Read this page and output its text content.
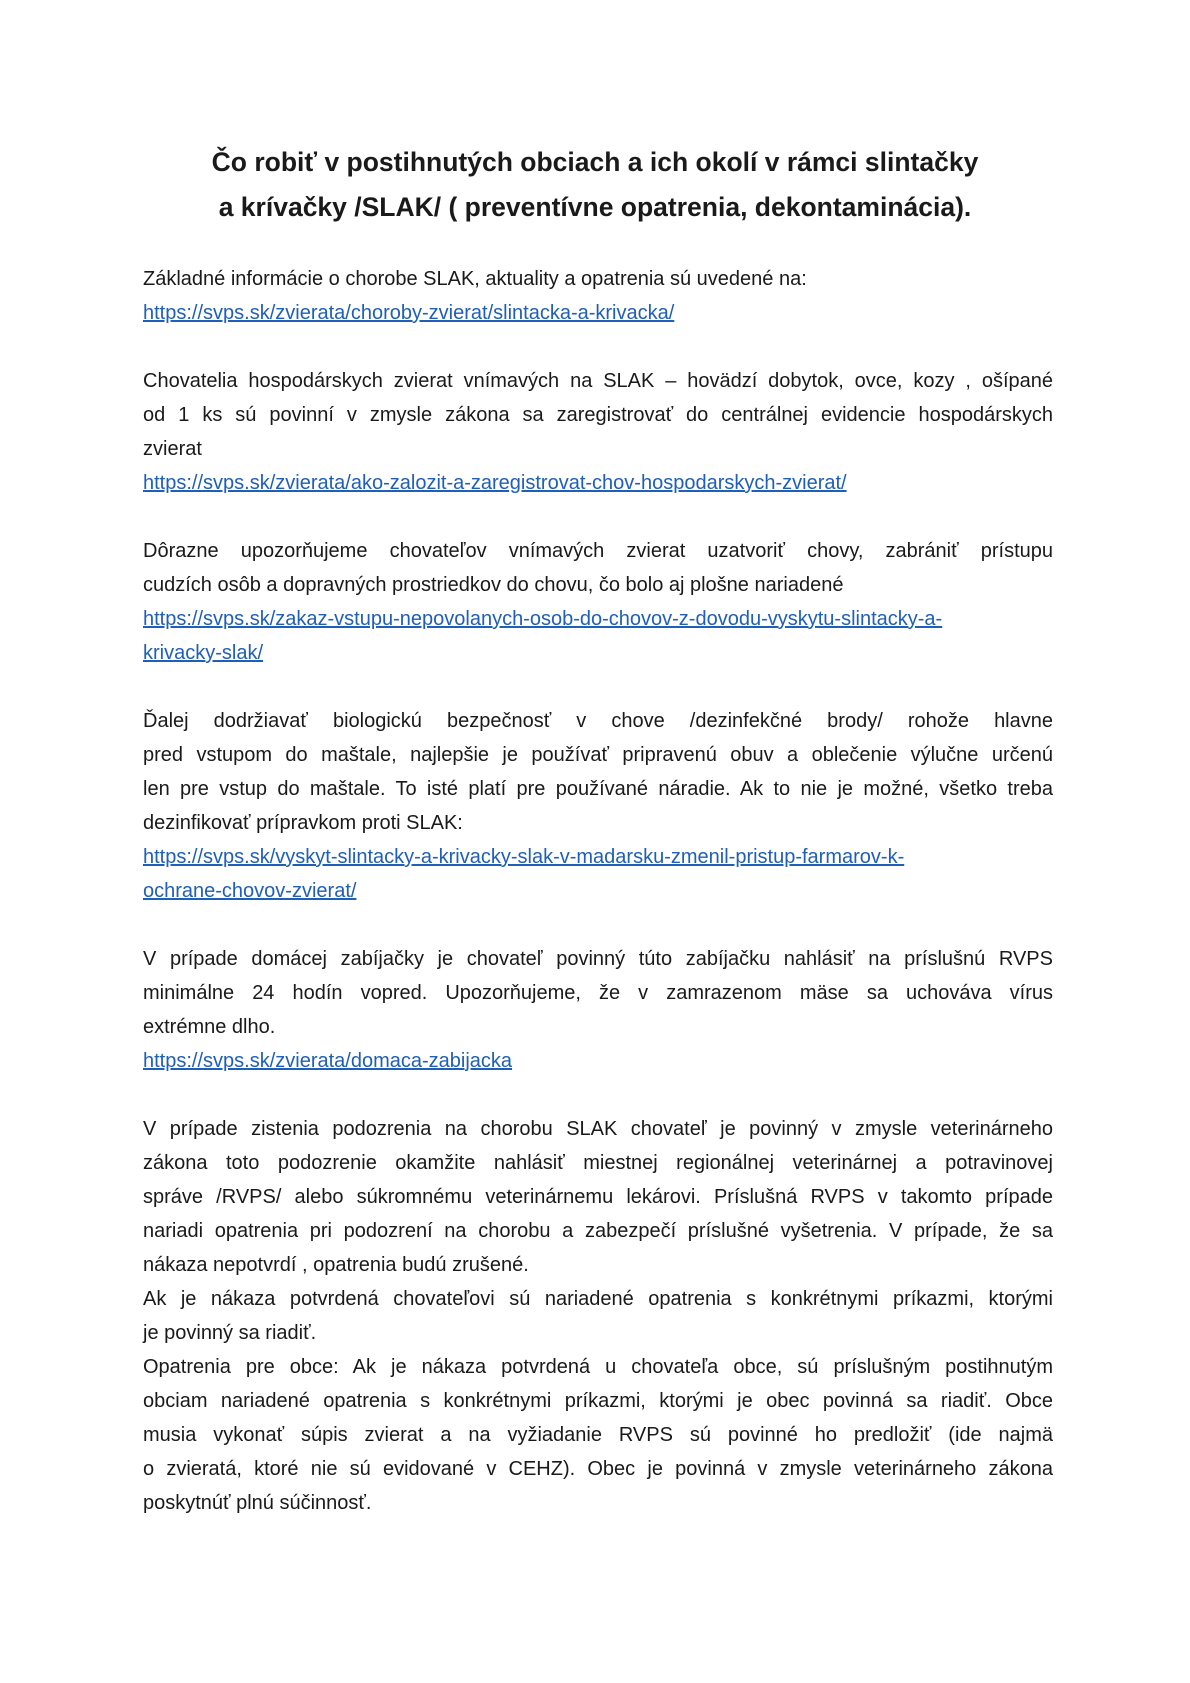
Čo robiť v postihnutých obciach a ich okolí v rámci slintačky
a krívačky /SLAK/ ( preventívne opatrenia, dekontaminácia).
Základné informácie o chorobe SLAK, aktuality a opatrenia sú uvedené na:
https://svps.sk/zvierata/choroby-zvierat/slintacka-a-krivacka/
Chovatelia hospodárskych zvierat vnímavých na SLAK – hovädzí dobytok, ovce, kozy , ošípané
od 1 ks sú povinní v zmysle zákona sa zaregistrovať do centrálnej evidencie hospodárskych
zvierat
https://svps.sk/zvierata/ako-zalozit-a-zaregistrovat-chov-hospodarskych-zvierat/
Dôrazne upozorňujeme chovateľov vnímavých zvierat uzatvoriť chovy, zabrániť prístupu
cudzích osôb a dopravných prostriedkov do chovu, čo bolo aj plošne nariadené
https://svps.sk/zakaz-vstupu-nepovolanych-osob-do-chovov-z-dovodu-vyskytu-slintacky-a-
krivacky-slak/
Ďalej dodržiavať biologickú bezpečnosť v chove /dezinfekčné brody/ rohože hlavne
pred vstupom do maštale, najlepšie je používať pripravenú obuv a oblečenie výlučne určenú
len pre vstup do maštale. To isté platí pre používané náradie. Ak to nie je možné, všetko treba
dezinfikovať prípravkom proti SLAK:
https://svps.sk/vyskyt-slintacky-a-krivacky-slak-v-madarsku-zmenil-pristup-farmarov-k-
ochrane-chovov-zvierat/
V prípade domácej zabíjačky je chovateľ povinný túto zabíjačku nahlásiť na príslušnú RVPS
minimálne 24 hodín vopred. Upozorňujeme, že v zamrazenom mäse sa uchováva vírus
extrémne dlho.
https://svps.sk/zvierata/domaca-zabijacka
V prípade zistenia podozrenia na chorobu SLAK chovateľ je povinný v zmysle veterinárneho
zákona toto podozrenie okamžite nahlásiť miestnej regionálnej veterinárnej a potravinovej
správe /RVPS/ alebo súkromnému veterinárnemu lekárovi. Príslušná RVPS v takomto prípade
nariadi opatrenia pri podozrení na chorobu a zabezpečí príslušné vyšetrenia. V prípade, že sa
nákaza nepotvrdí , opatrenia budú zrušené.
Ak je nákaza potvrdená chovateľovi sú nariadené opatrenia s konkrétnymi príkazmi, ktorými
je povinný sa riadiť.
Opatrenia pre obce: Ak je nákaza potvrdená u chovateľa obce, sú príslušným postihnutým
obciam nariadené opatrenia s konkrétnymi príkazmi, ktorými je obec povinná sa riadiť. Obce
musia vykonať súpis zvierat a na vyžiadanie RVPS sú povinné ho predložiť (ide najmä
o zvieratá, ktoré nie sú evidované v CEHZ). Obec je povinná v zmysle veterinárneho zákona
poskytnúť plnú súčinnosť.
